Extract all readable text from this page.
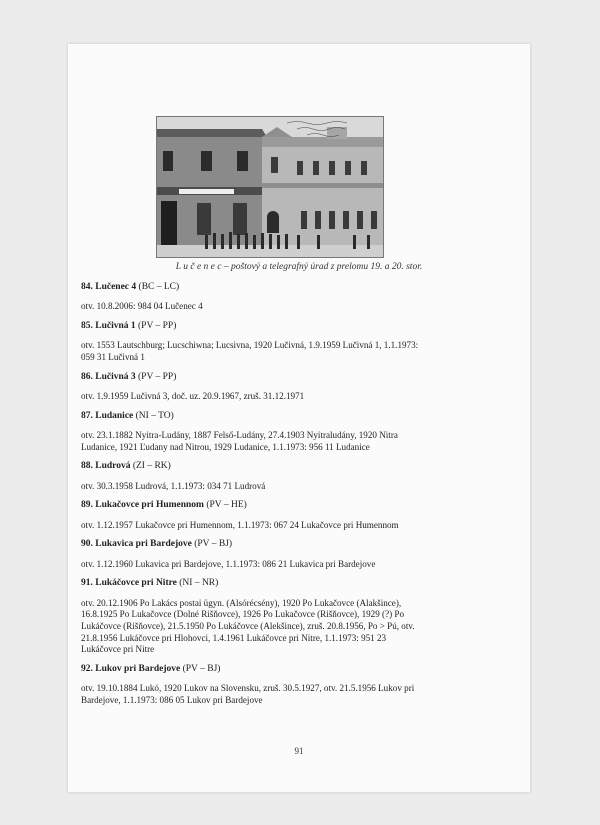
L u č e n e c – poštový a telegrafný úrad z prelomu 19. a 20. stor.

84. Lučenec 4 (BC – LC)

otv. 10.8.2006: 984 04 Lučenec 4

85. Lučivná 1 (PV – PP)

otv. 1553 Lautschburg; Lucschiwna; Lucsivna, 1920 Lučivná, 1.9.1959 Lučivná 1, 1.1.1973:
059 31 Lučivná 1

86. Lučivná 3 (PV – PP)

otv. 1.9.1959 Lučivná 3, doč. uz. 20.9.1967, zruš. 31.12.1971

87. Ludanice (NI – TO)

otv. 23.1.1882 Nyitra-Ludány, 1887 Felső-Ludány, 27.4.1903 Nyitraludány, 1920 Nitra
Ludanice, 1921 Ľudany nad Nitrou, 1929 Ludanice, 1.1.1973: 956 11 Ludanice

88. Ludrová (ZI – RK)

otv. 30.3.1958 Ludrová, 1.1.1973: 034 71 Ludrová

89. Lukačovce pri Humennom (PV – HE)

otv. 1.12.1957 Lukačovce pri Humennom, 1.1.1973: 067 24 Lukačovce pri Humennom

90. Lukavica pri Bardejove (PV – BJ)

otv. 1.12.1960 Lukavica pri Bardejove, 1.1.1973: 086 21 Lukavica pri Bardejove

91. Lukáčovce pri Nitre (NI – NR)

otv. 20.12.1906 Po Lakács postai ügyn. (Alsórécsény), 1920 Po Lukačovce (Alakšince),
16.8.1925 Po Lukačovce (Dolné Rišňovce), 1926 Po Lukačovce (Rišňovce), 1929 (?) Po
Lukáčovce (Rišňovce), 21.5.1950 Po Lukáčovce (Alekšince), zruš. 20.8.1956, Po > Pú, otv.
21.8.1956 Lukáčovce pri Hlohovci, 1.4.1961 Lukáčovce pri Nitre, 1.1.1973: 951 23
Lukáčovce pri Nitre

92. Lukov pri Bardejove (PV – BJ)

otv. 19.10.1884 Lukó, 1920 Lukov na Slovensku, zruš. 30.5.1927, otv. 21.5.1956 Lukov pri
Bardejove, 1.1.1973: 086 05 Lukov pri Bardejove

91
